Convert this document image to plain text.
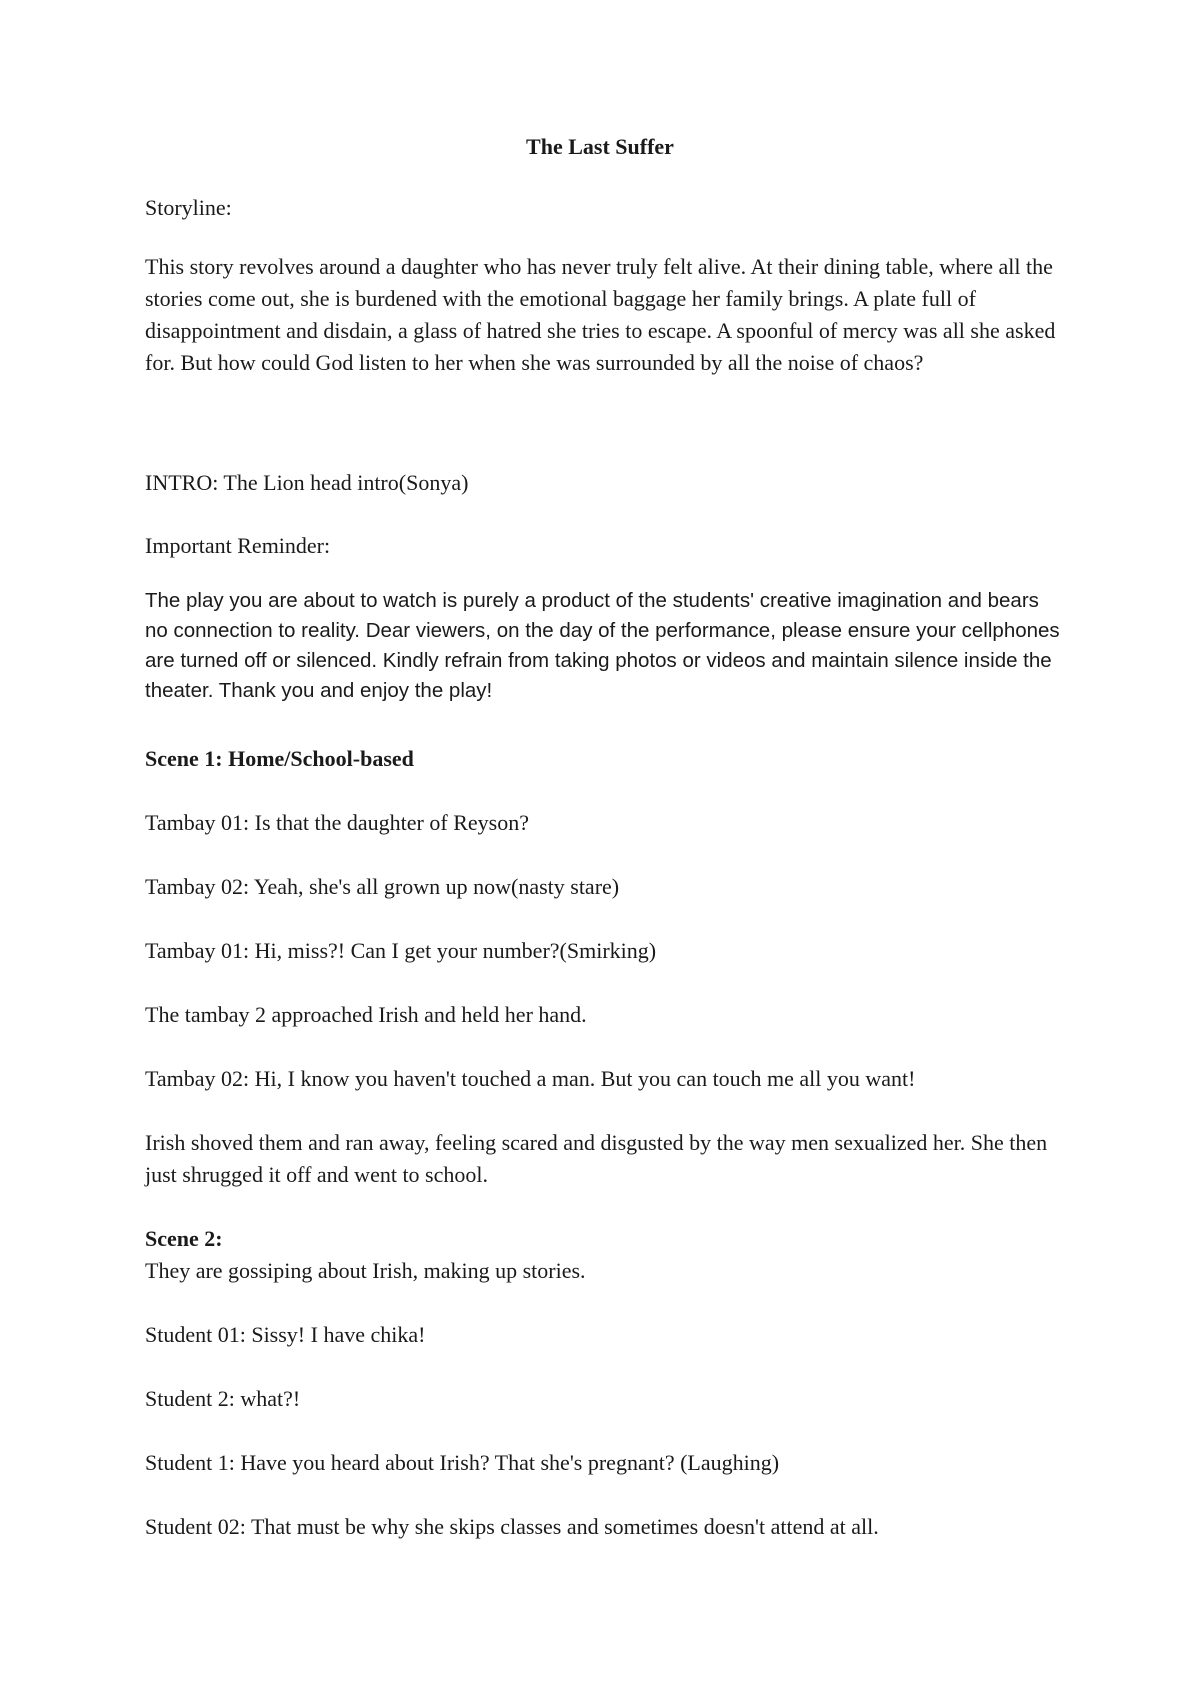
The Last Suffer

Storyline:

This story revolves around a daughter who has never truly felt alive. At their dining table, where all the stories come out, she is burdened with the emotional baggage her family brings. A plate full of disappointment and disdain, a glass of hatred she tries to escape. A spoonful of mercy was all she asked for. But how could God listen to her when she was surrounded by all the noise of chaos?

INTRO: The Lion head intro(Sonya)

Important Reminder:

The play you are about to watch is purely a product of the students' creative imagination and bears no connection to reality. Dear viewers, on the day of the performance, please ensure your cellphones are turned off or silenced. Kindly refrain from taking photos or videos and maintain silence inside the theater. Thank you and enjoy the play!

Scene 1: Home/School-based

Tambay 01: Is that the daughter of Reyson?

Tambay 02: Yeah, she's all grown up now(nasty stare)

Tambay 01: Hi, miss?! Can I get your number?(Smirking)

The tambay 2 approached Irish and held her hand.

Tambay 02: Hi, I know you haven't touched a man. But you can touch me all you want!

Irish shoved them and ran away, feeling scared and disgusted by the way men sexualized her. She then just shrugged it off and went to school.

Scene 2:

They are gossiping about Irish, making up stories.

Student 01: Sissy! I have chika!

Student 2: what?!

Student 1: Have you heard about Irish? That she's pregnant? (Laughing)

Student 02: That must be why she skips classes and sometimes doesn't attend at all.
